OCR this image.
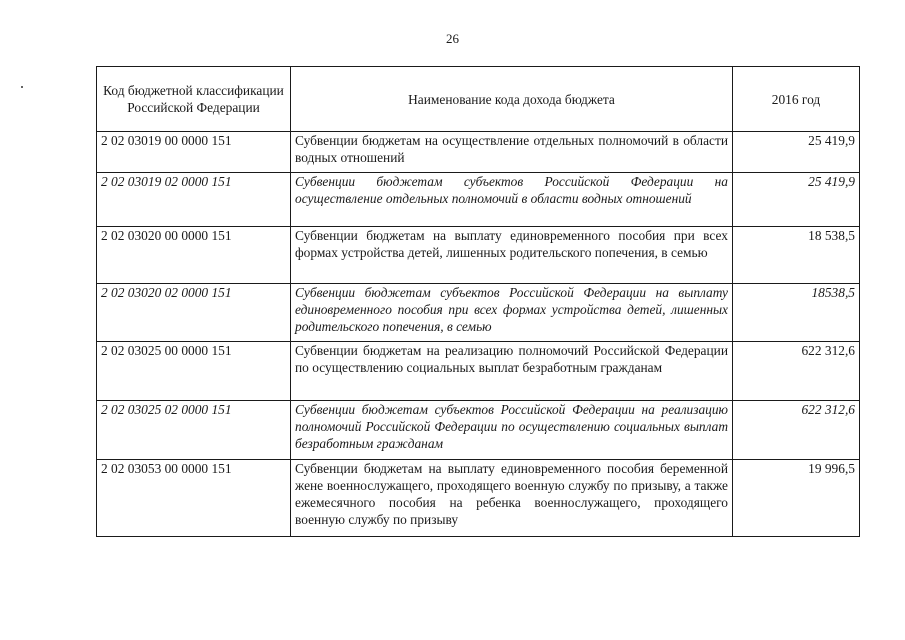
26
Код бюджетной классификации Российской Федерации	Наименование кода дохода бюджета	2016 год
2 02 03019 00 0000 151	Субвенции бюджетам на осуществление отдельных полномочий в области водных отношений	25 419,9
2 02 03019 02 0000 151	Субвенции бюджетам субъектов Российской Федерации на осуществление отдельных полномочий в области водных отношений	25 419,9
2 02 03020 00 0000 151	Субвенции бюджетам на выплату единовременного пособия при всех формах устройства детей, лишенных родительского попечения, в семью	18 538,5
2 02 03020 02 0000 151	Субвенции бюджетам субъектов Российской Федерации на выплату единовременного пособия при всех формах устройства детей, лишенных родительского попечения, в семью	18538,5
2 02 03025 00 0000 151	Субвенции бюджетам на реализацию полномочий Российской Федерации по осуществлению социальных выплат безработным гражданам	622 312,6
2 02 03025 02 0000 151	Субвенции бюджетам субъектов Российской Федерации на реализацию полномочий Российской Федерации по осуществлению социальных выплат безработным гражданам	622 312,6
2 02 03053 00 0000 151	Субвенции бюджетам на выплату единовременного пособия беременной жене военнослужащего, проходящего военную службу по призыву, а также ежемесячного пособия на ребенка военнослужащего, проходящего военную службу по призыву	19 996,5
